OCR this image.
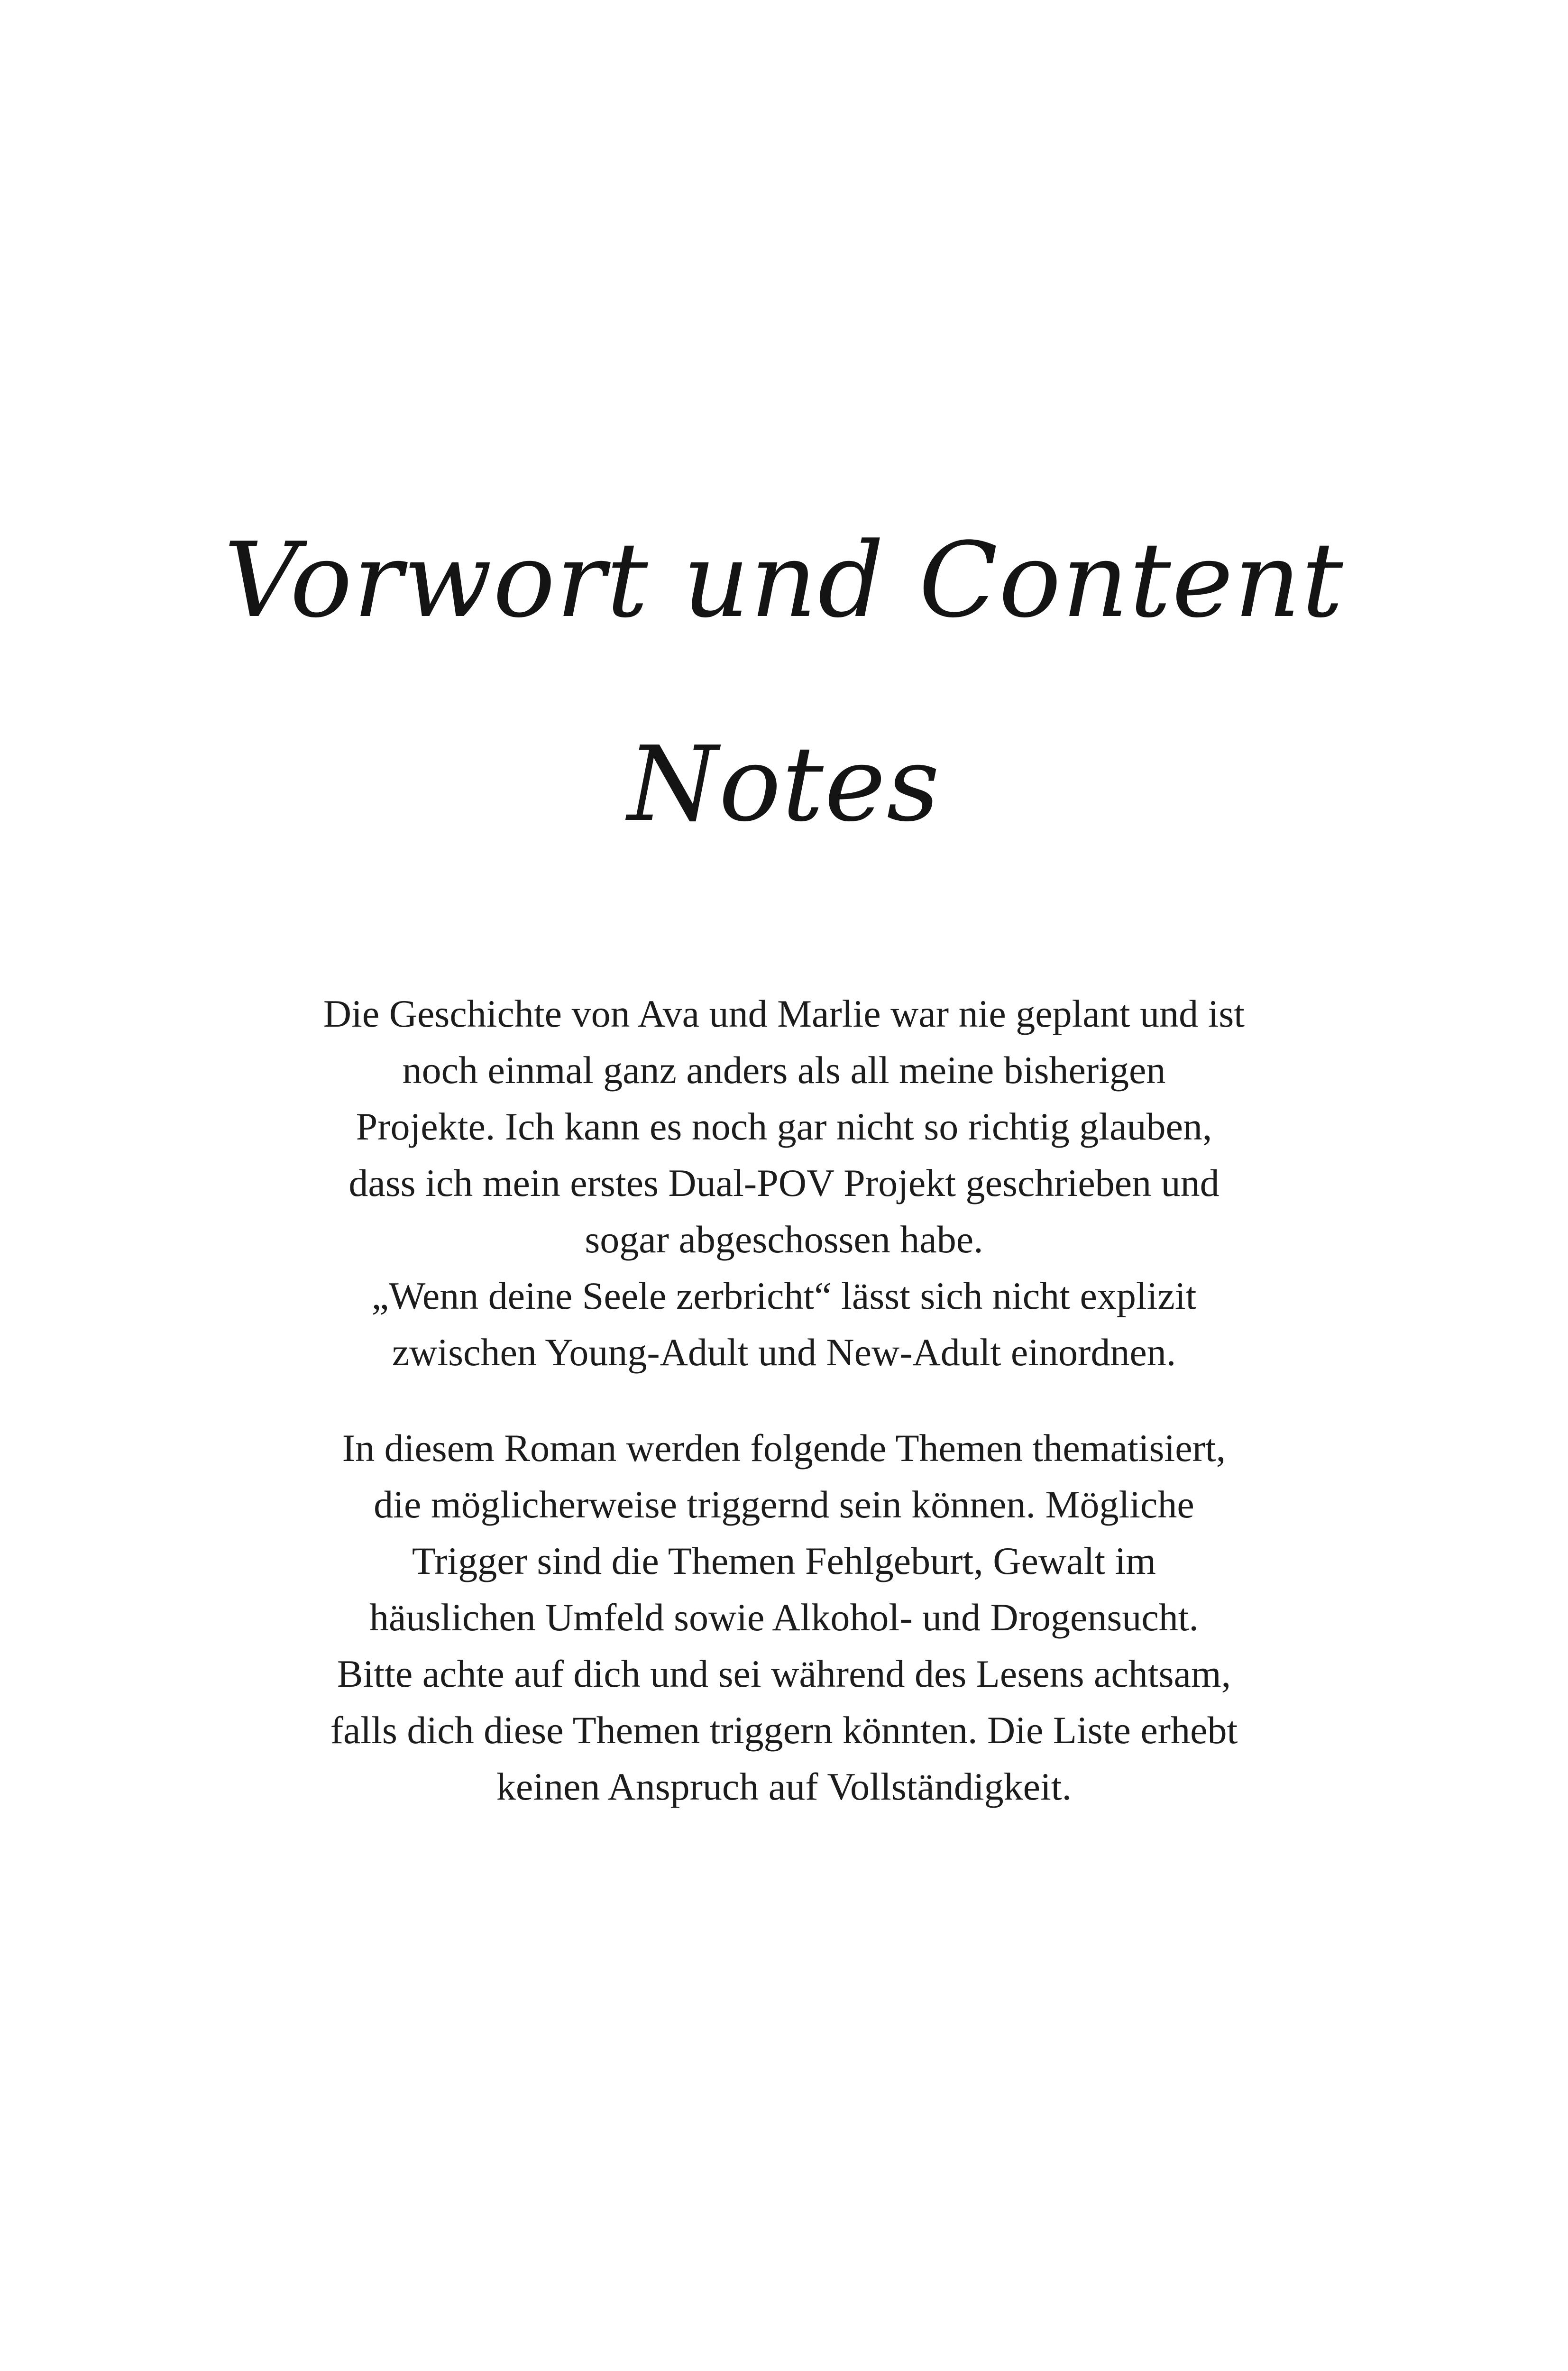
Vorwort und Content
Notes

Die Geschichte von Ava und Marlie war nie geplant und ist
noch einmal ganz anders als all meine bisherigen
Projekte. Ich kann es noch gar nicht so richtig glauben,
dass ich mein erstes Dual-POV Projekt geschrieben und
sogar abgeschossen habe.
„Wenn deine Seele zerbricht“ lässt sich nicht explizit
zwischen Young-Adult und New-Adult einordnen.

In diesem Roman werden folgende Themen thematisiert,
die möglicherweise triggernd sein können. Mögliche
Trigger sind die Themen Fehlgeburt, Gewalt im
häuslichen Umfeld sowie Alkohol- und Drogensucht.
Bitte achte auf dich und sei während des Lesens achtsam,
falls dich diese Themen triggern könnten. Die Liste erhebt
keinen Anspruch auf Vollständigkeit.
